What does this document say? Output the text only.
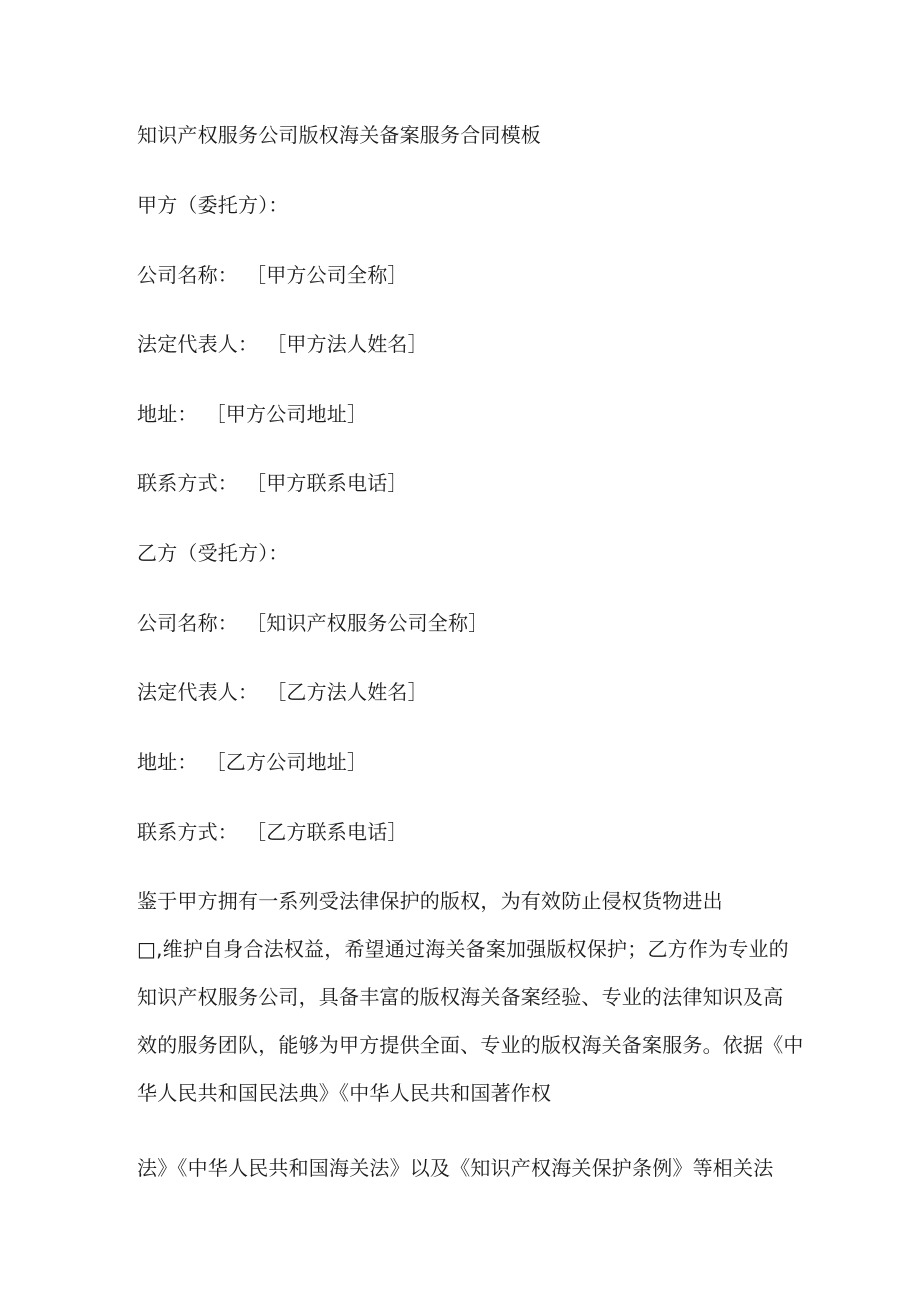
知识产权服务公司版权海关备案服务合同模板
甲方（委托方）：
公司名称： ［甲方公司全称］
法定代表人： ［甲方法人姓名］
地址： ［甲方公司地址］
联系方式： ［甲方联系电话］
乙方（受托方）：
公司名称： ［知识产权服务公司全称］
法定代表人： ［乙方法人姓名］
地址： ［乙方公司地址］
联系方式： ［乙方联系电话］
鉴于甲方拥有一系列受法律保护的版权，为有效防止侵权货物进出
□,维护自身合法权益，希望通过海关备案加强版权保护；乙方作为专业的
知识产权服务公司，具备丰富的版权海关备案经验、专业的法律知识及高
效的服务团队，能够为甲方提供全面、专业的版权海关备案服务。依据《中
华人民共和国民法典》《中华人民共和国著作权
法》《中华人民共和国海关法》以及《知识产权海关保护条例》等相关法
